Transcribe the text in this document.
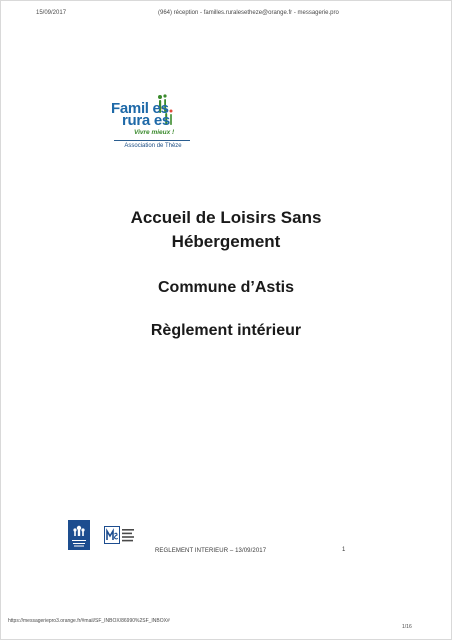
15/09/2017	(964) réception - familles.ruralesetheze@orange.fr - messagerie.pro
Famil es
rura es
Vivre mieux !
Association de Thèze
Accueil de Loisirs Sans
Hébergement
Commune d’Astis
Règlement intérieur
REGLEMENT INTERIEUR – 13/09/2017	1
https://messageriepro3.orange.fr/#mail/SF_INBOX/86990%2SF_INBOX#
1/16
